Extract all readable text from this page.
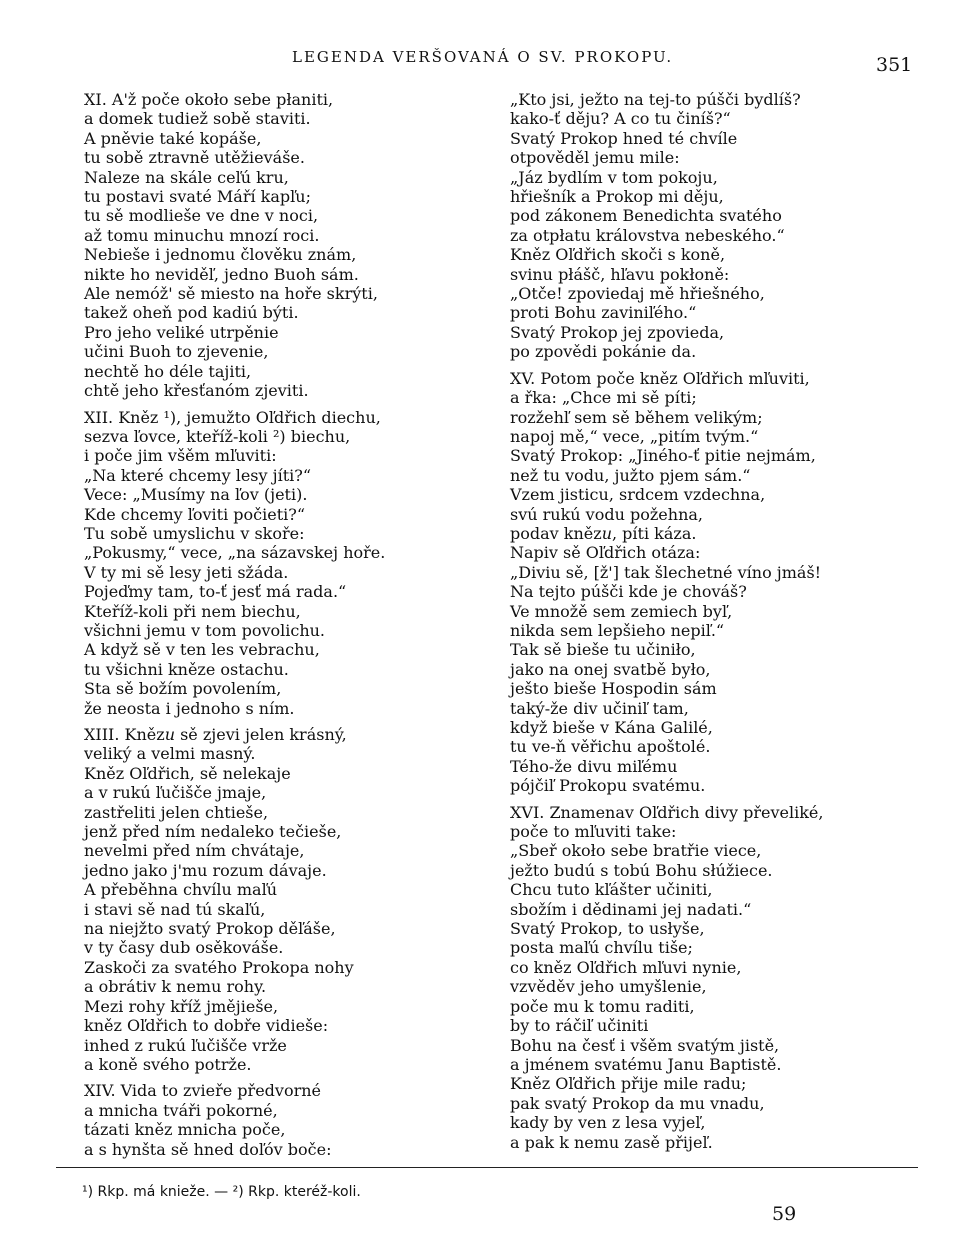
LEGENDA VERŠOVANÁ O SV. PROKOPU.	351
XI. A'ž poče około sebe płaniti,
a domek tudiež sobě staviti.
A pněvie také kopáše,
tu sobě ztravně utěžieváše.
Naleze na skále ceľú kru,
tu postavi svaté Máří kapľu;
tu sě modlieše ve dne v noci,
až tomu minuchu mnozí roci.
Nebieše i jednomu člověku znám,
nikte ho neviděľ, jedno Buoh sám.
Ale nemóž' sě miesto na hoře skrýti,
takež oheň pod kadiú býti.
Pro jeho veliké utrpěnie
učini Buoh to zjevenie,
nechtě ho déle tajiti,
chtě jeho křesťanóm zjeviti.
XII. Kněz ¹), jemužto Oľdřich diechu,
sezva ľovce, kteříž-koli ²) biechu,
i poče jim všěm mľuviti:
„Na které chcemy lesy jíti?“
Vece: „Musímy na ľov (jeti).
Kde chcemy ľoviti počieti?“
Tu sobě umyslichu v skoře:
„Pokusmy,“ vece, „na sázavskej hoře.
V ty mi sě lesy jeti sžáda.
Pojeďmy tam, to-ť jesť má rada.“
Kteříž-koli při nem biechu,
všichni jemu v tom povolichu.
A když sě v ten les vebrachu,
tu všichni kněze ostachu.
Sta sě božím povolením,
že neosta i jednoho s ním.
XIII. Knězu sě zjevi jelen krásný,
veliký a velmi masný.
Kněz Oľdřich, sě nelekaje
a v rukú ľučišče jmaje,
zastřeliti jelen chtieše,
jenž před ním nedaleko tečieše,
nevelmi před ním chvátaje,
jedno jako j'mu rozum dávaje.
A přeběhna chvílu maľú
i stavi sě nad tú skaľú,
na niejžto svatý Prokop děľáše,
v ty časy dub osěkováše.
Zaskoči za svatého Prokopa nohy
a obrátiv k nemu rohy.
Mezi rohy kříž jmějieše,
kněz Oľdřich to dobře vidieše:
inhed z rukú ľučišče vrže
a koně svého potrže.
XIV. Vida to zvieře předvorné
a mnicha tváři pokorné,
tázati kněz mnicha poče,
a s hynšta sě hned doľóv boče:
„Kto jsi, ježto na tej-to púšči bydlíš?
kako-ť děju? A co tu činíš?“
Svatý Prokop hned té chvíle
otpověděl jemu mile:
„Jáz bydlím v tom pokoju,
hřiešník a Prokop mi děju,
pod zákonem Benedichta svatého
za otpłatu královstva nebeského.“
Kněz Oľdřich skoči s koně,
svinu płášč, hľavu pokłoně:
„Otče! zpoviedaj mě hřiešného,
proti Bohu zaviniľého.“
Svatý Prokop jej zpovieda,
po zpovědi pokánie da.
XV. Potom poče kněz Oľdřich mľuviti,
a řka: „Chce mi sě píti;
rozžehľ sem sě během velikým;
napoj mě,“ vece, „pitím tvým.“
Svatý Prokop: „Jiného-ť pitie nejmám,
než tu vodu, južto pjem sám.“
Vzem jisticu, srdcem vzdechna,
svú rukú vodu požehna,
podav knězu, píti káza.
Napiv sě Oľdřich otáza:
„Diviu sě, [ž'] tak šlechetné víno jmáš!
Na tejto púšči kde je chováš?
Ve množě sem zemiech byľ,
nikda sem lepšieho nepiľ.“
Tak sě bieše tu učiniło,
jako na onej svatbě było,
ješto bieše Hospodin sám
taký-že div učiniľ tam,
když bieše v Kána Galilé,
tu ve-ň věřichu apoštolé.
Tého-že divu miľému
pójčiľ Prokopu svatému.
XVI. Znamenav Oľdřich divy převeliké,
poče to mľuviti take:
„Sbeř około sebe bratřie viece,
ježto budú s tobú Bohu słúžiece.
Chcu tuto kľášter učiniti,
sbožím i dědinami jej nadati.“
Svatý Prokop, to usłyše,
posta maľú chvílu tiše;
co kněz Oľdřich mľuvi nynie,
vzvěděv jeho umyšlenie,
poče mu k tomu raditi,
by to ráčiľ učiniti
Bohu na česť i všěm svatým jistě,
a jménem svatému Janu Baptistě.
Kněz Oľdřich přije mile radu;
pak svatý Prokop da mu vnadu,
kady by ven z lesa vyjeľ,
a pak k nemu zasě přijeľ.
¹) Rkp. má knieže. — ²) Rkp. kteréž-koli.
59
